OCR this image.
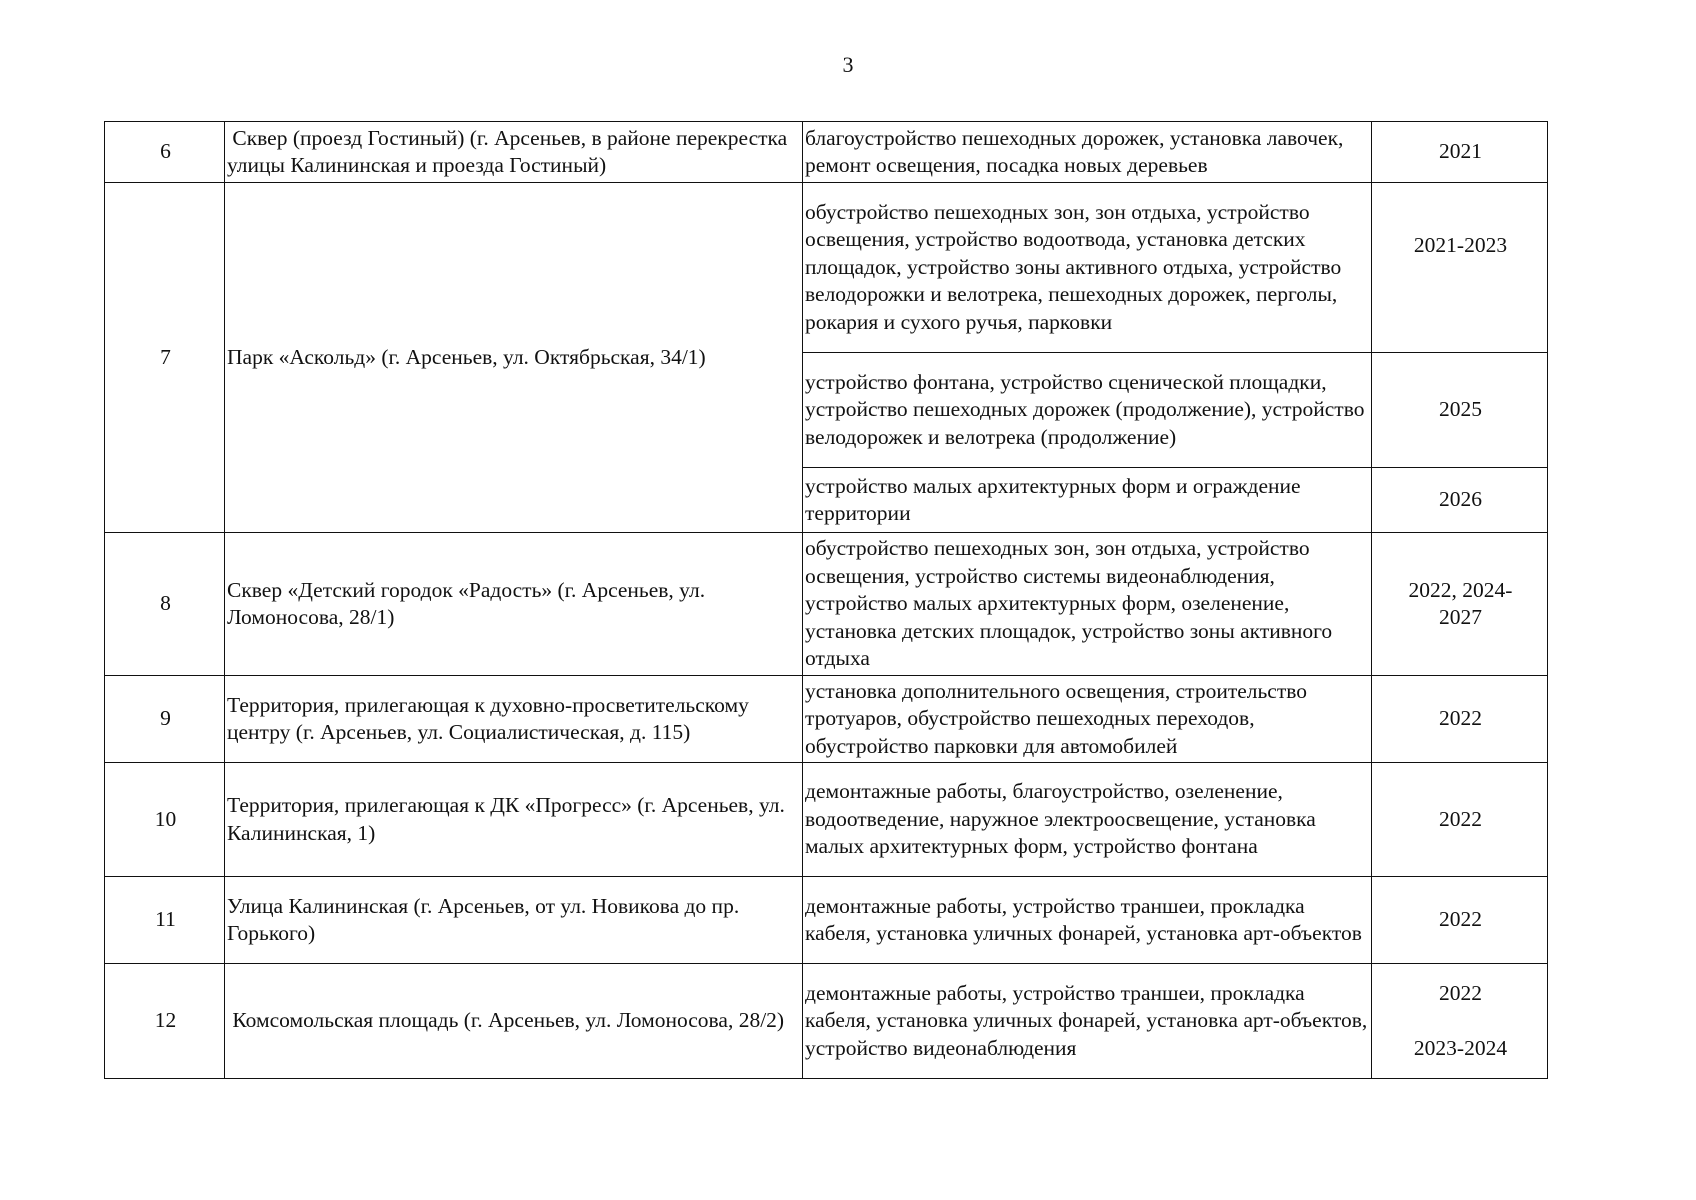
3
6	Сквер (проезд Гостиный) (г. Арсеньев, в районе перекрестка улицы Калининская и проезда Гостиный)	благоустройство пешеходных дорожек, установка лавочек, ремонт освещения, посадка новых деревьев	2021

7	Парк «Аскольд» (г. Арсеньев, ул. Октябрьская, 34/1)	обустройство пешеходных зон, зон отдыха, устройство освещения, устройство водоотвода, установка детских площадок, устройство зоны активного отдыха, устройство велодорожки и велотрека, пешеходных дорожек, перголы, рокария и сухого ручья, парковки	2021-2023

		устройство фонтана, устройство сценической площадки, устройство пешеходных дорожек (продолжение), устройство велодорожек и велотрека (продолжение)	2025

		устройство малых архитектурных форм и ограждение территории	2026

8	Сквер «Детский городок «Радость» (г. Арсеньев, ул. Ломоносова, 28/1)	обустройство пешеходных зон, зон отдыха, устройство освещения, устройство системы видеонаблюдения, устройство малых архитектурных форм, озеленение, установка детских площадок, устройство зоны активного отдыха	2022, 2024-
2027

9	Территория, прилегающая к духовно-просветительскому центру (г. Арсеньев, ул. Социалистическая, д. 115)	установка дополнительного освещения, строительство тротуаров, обустройство пешеходных переходов, обустройство парковки для автомобилей	2022

10	Территория, прилегающая к ДК «Прогресс» (г. Арсеньев, ул. Калининская, 1)	демонтажные работы, благоустройство, озеленение, водоотведение, наружное электроосвещение, установка малых архитектурных форм, устройство фонтана	2022

11	Улица Калининская (г. Арсеньев, от ул. Новикова до пр. Горького)	демонтажные работы, устройство траншеи, прокладка кабеля, установка уличных фонарей, установка арт-объектов	2022

12	Комсомольская площадь (г. Арсеньев, ул. Ломоносова, 28/2)	демонтажные работы, устройство траншеи, прокладка кабеля, установка уличных фонарей, установка арт-объектов, устройство видеонаблюдения	2022
2023-2024
